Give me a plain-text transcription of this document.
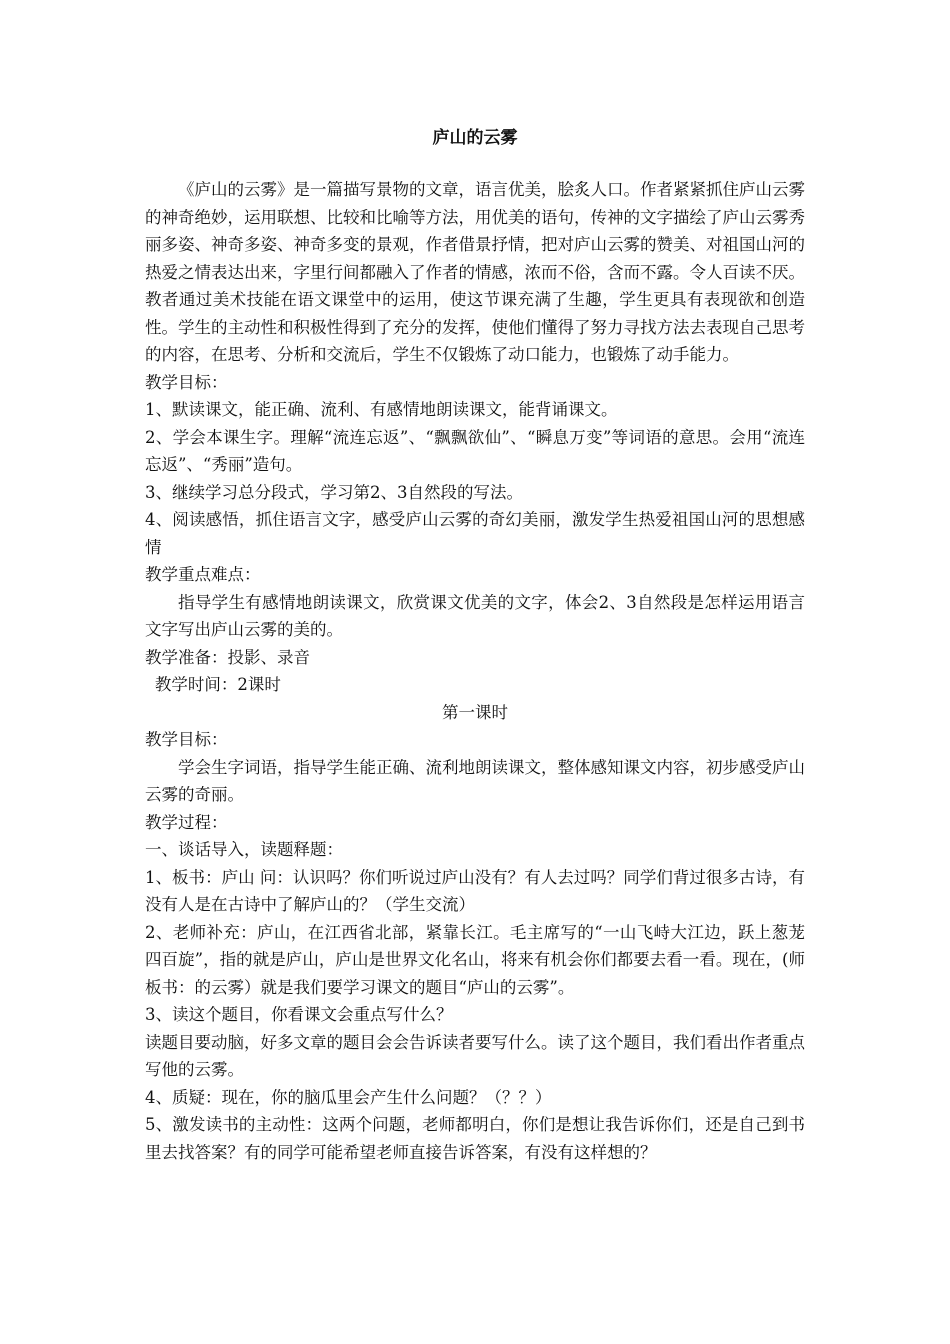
庐山的云雾

《庐山的云雾》是一篇描写景物的文章，语言优美，脍炙人口。作者紧紧抓住庐山云雾的神奇绝妙，运用联想、比较和比喻等方法，用优美的语句，传神的文字描绘了庐山云雾秀丽多姿、神奇多姿、神奇多变的景观，作者借景抒情，把对庐山云雾的赞美、对祖国山河的热爱之情表达出来，字里行间都融入了作者的情感，浓而不俗，含而不露。令人百读不厌。教者通过美术技能在语文课堂中的运用，使这节课充满了生趣，学生更具有表现欲和创造性。学生的主动性和积极性得到了充分的发挥，使他们懂得了努力寻找方法去表现自己思考的内容，在思考、分析和交流后，学生不仅锻炼了动口能力，也锻炼了动手能力。

教学目标：

1、默读课文，能正确、流利、有感情地朗读课文，能背诵课文。

2、学会本课生字。理解“流连忘返”、“飘飘欲仙”、“瞬息万变”等词语的意思。会用“流连忘返”、“秀丽”造句。

3、继续学习总分段式，学习第2、3自然段的写法。

4、阅读感悟，抓住语言文字，感受庐山云雾的奇幻美丽，激发学生热爱祖国山河的思想感情

教学重点难点：

指导学生有感情地朗读课文，欣赏课文优美的文字，体会2、3自然段是怎样运用语言文字写出庐山云雾的美的。

教学准备：投影、录音

教学时间：2课时

第一课时

教学目标：

学会生字词语，指导学生能正确、流利地朗读课文，整体感知课文内容，初步感受庐山云雾的奇丽。

教学过程：

一、谈话导入，读题释题：

1、板书：庐山 问：认识吗？你们听说过庐山没有？有人去过吗？同学们背过很多古诗，有没有人是在古诗中了解庐山的？（学生交流）

2、老师补充：庐山，在江西省北部，紧靠长江。毛主席写的“一山飞峙大江边，跃上葱茏四百旋”，指的就是庐山，庐山是世界文化名山，将来有机会你们都要去看一看。现在，(师板书：的云雾）就是我们要学习课文的题目“庐山的云雾”。

3、读这个题目，你看课文会重点写什么？

读题目要动脑，好多文章的题目会会告诉读者要写什么。读了这个题目，我们看出作者重点写他的云雾。

4、质疑：现在，你的脑瓜里会产生什么问题？（？？）

5、激发读书的主动性：这两个问题，老师都明白，你们是想让我告诉你们，还是自己到书里去找答案？有的同学可能希望老师直接告诉答案，有没有这样想的？
